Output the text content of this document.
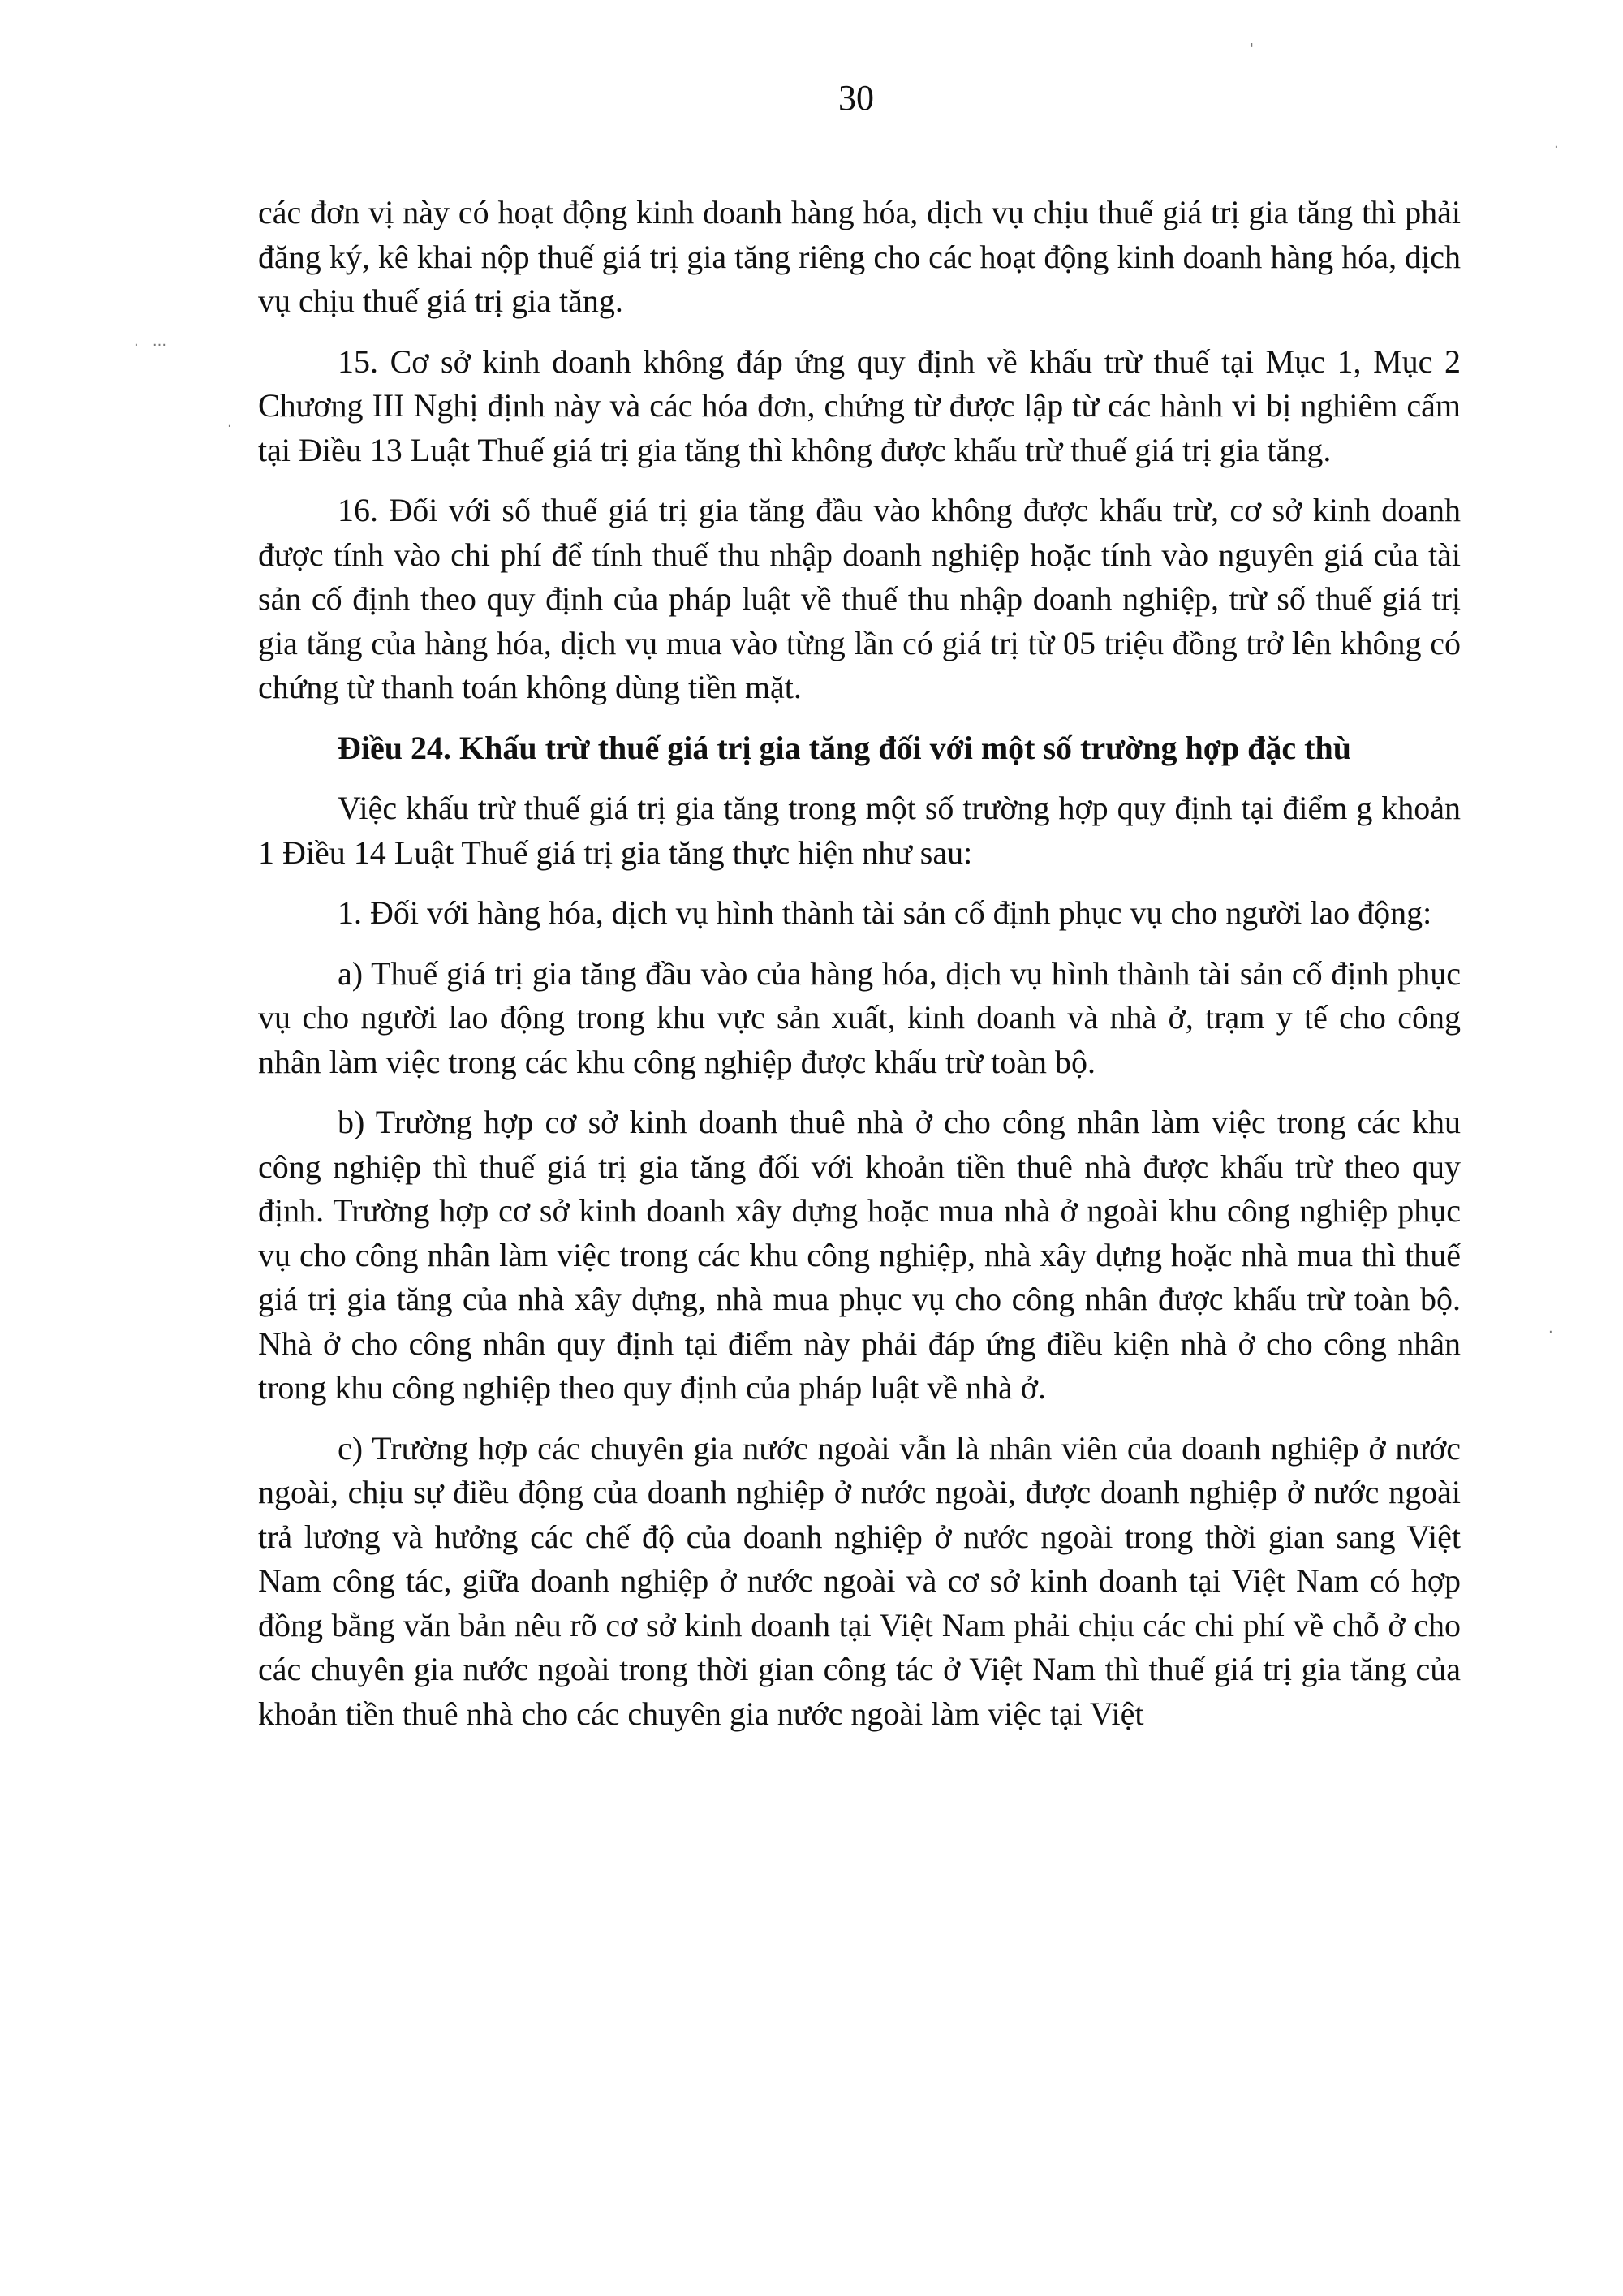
30

các đơn vị này có hoạt động kinh doanh hàng hóa, dịch vụ chịu thuế giá trị gia tăng thì phải đăng ký, kê khai nộp thuế giá trị gia tăng riêng cho các hoạt động kinh doanh hàng hóa, dịch vụ chịu thuế giá trị gia tăng.

15. Cơ sở kinh doanh không đáp ứng quy định về khấu trừ thuế tại Mục 1, Mục 2 Chương III Nghị định này và các hóa đơn, chứng từ được lập từ các hành vi bị nghiêm cấm tại Điều 13 Luật Thuế giá trị gia tăng thì không được khấu trừ thuế giá trị gia tăng.

16. Đối với số thuế giá trị gia tăng đầu vào không được khấu trừ, cơ sở kinh doanh được tính vào chi phí để tính thuế thu nhập doanh nghiệp hoặc tính vào nguyên giá của tài sản cố định theo quy định của pháp luật về thuế thu nhập doanh nghiệp, trừ số thuế giá trị gia tăng của hàng hóa, dịch vụ mua vào từng lần có giá trị từ 05 triệu đồng trở lên không có chứng từ thanh toán không dùng tiền mặt.

Điều 24. Khấu trừ thuế giá trị gia tăng đối với một số trường hợp đặc thù

Việc khấu trừ thuế giá trị gia tăng trong một số trường hợp quy định tại điểm g khoản 1 Điều 14 Luật Thuế giá trị gia tăng thực hiện như sau:

1. Đối với hàng hóa, dịch vụ hình thành tài sản cố định phục vụ cho người lao động:

a) Thuế giá trị gia tăng đầu vào của hàng hóa, dịch vụ hình thành tài sản cố định phục vụ cho người lao động trong khu vực sản xuất, kinh doanh và nhà ở, trạm y tế cho công nhân làm việc trong các khu công nghiệp được khấu trừ toàn bộ.

b) Trường hợp cơ sở kinh doanh thuê nhà ở cho công nhân làm việc trong các khu công nghiệp thì thuế giá trị gia tăng đối với khoản tiền thuê nhà được khấu trừ theo quy định. Trường hợp cơ sở kinh doanh xây dựng hoặc mua nhà ở ngoài khu công nghiệp phục vụ cho công nhân làm việc trong các khu công nghiệp, nhà xây dựng hoặc nhà mua thì thuế giá trị gia tăng của nhà xây dựng, nhà mua phục vụ cho công nhân được khấu trừ toàn bộ. Nhà ở cho công nhân quy định tại điểm này phải đáp ứng điều kiện nhà ở cho công nhân trong khu công nghiệp theo quy định của pháp luật về nhà ở.

c) Trường hợp các chuyên gia nước ngoài vẫn là nhân viên của doanh nghiệp ở nước ngoài, chịu sự điều động của doanh nghiệp ở nước ngoài, được doanh nghiệp ở nước ngoài trả lương và hưởng các chế độ của doanh nghiệp ở nước ngoài trong thời gian sang Việt Nam công tác, giữa doanh nghiệp ở nước ngoài và cơ sở kinh doanh tại Việt Nam có hợp đồng bằng văn bản nêu rõ cơ sở kinh doanh tại Việt Nam phải chịu các chi phí về chỗ ở cho các chuyên gia nước ngoài trong thời gian công tác ở Việt Nam thì thuế giá trị gia tăng của khoản tiền thuê nhà cho các chuyên gia nước ngoài làm việc tại Việt

'
.
.   ...
.
.
